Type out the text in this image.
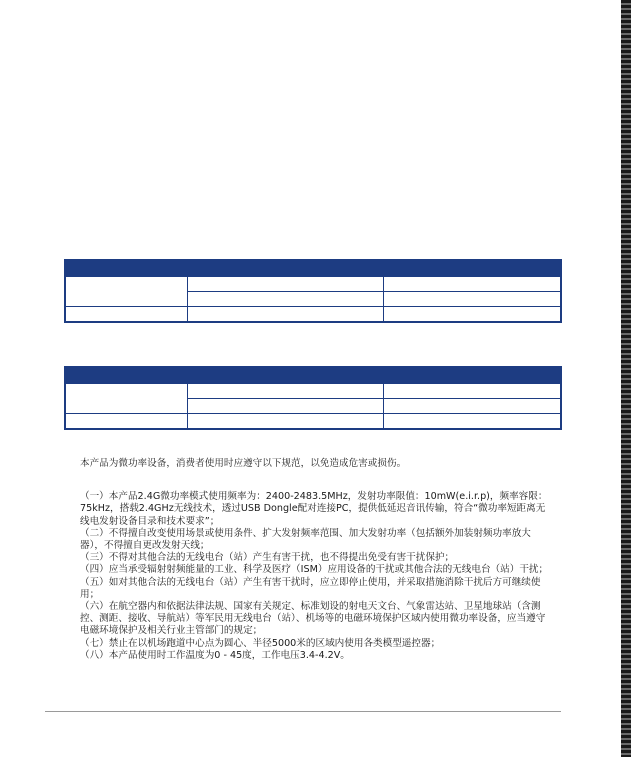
本产品为微功率设备，消费者使用时应遵守以下规范，以免造成危害或损伤。

（一）本产品2.4G微功率模式使用频率为：2400-2483.5MHz，发射功率限值：10mW(e.i.r.p)，频率容限：75kHz，搭载2.4GHz无线技术，透过USB Dongle配对连接PC，提供低延迟音讯传输，符合“微功率短距离无线电发射设备目录和技术要求”；

（二）不得擅自改变使用场景或使用条件、扩大发射频率范围、加大发射功率（包括额外加装射频功率放大器），不得擅自更改发射天线；

（三）不得对其他合法的无线电台（站）产生有害干扰，也不得提出免受有害干扰保护；

（四）应当承受辐射射频能量的工业、科学及医疗（ISM）应用设备的干扰或其他合法的无线电台（站）干扰；

（五）如对其他合法的无线电台（站）产生有害干扰时，应立即停止使用，并采取措施消除干扰后方可继续使用；

（六）在航空器内和依据法律法规、国家有关规定、标准划设的射电天文台、气象雷达站、卫星地球站（含测控、测距、接收、导航站）等军民用无线电台（站）、机场等的电磁环境保护区域内使用微功率设备，应当遵守电磁环境保护及相关行业主管部门的规定；

（七）禁止在以机场跑道中心点为圆心、半径5000米的区域内使用各类模型遥控器；

（八）本产品使用时工作温度为0 - 45度，工作电压3.4-4.2V。
